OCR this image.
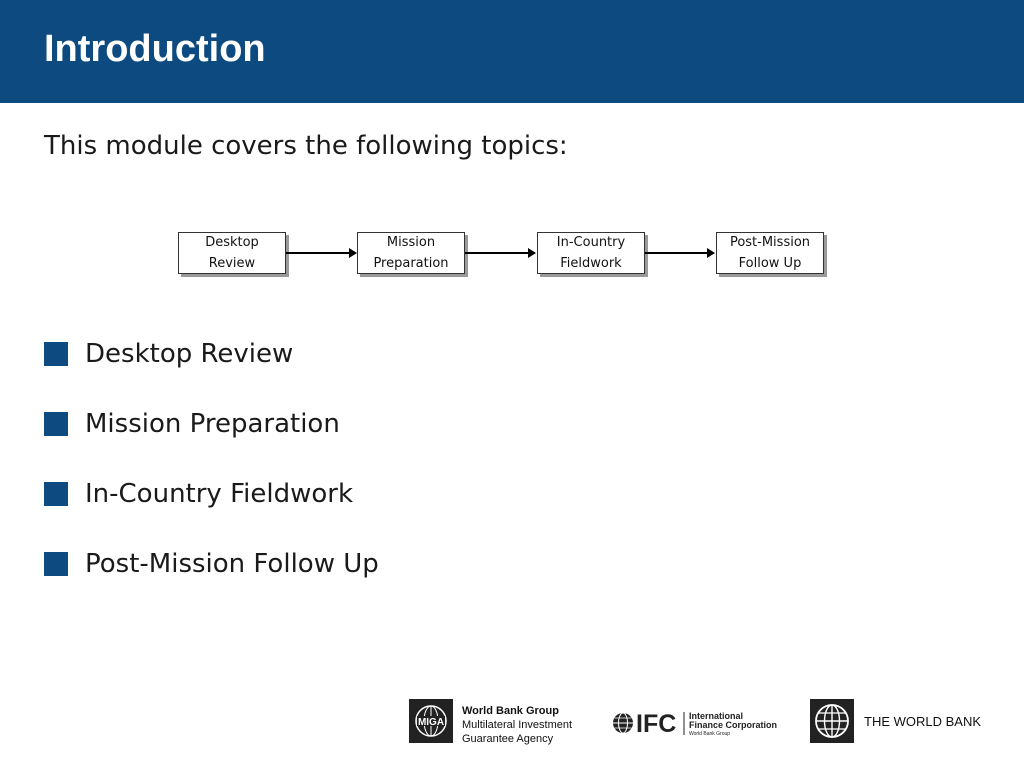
Introduction
This module covers the following topics:
Desktop
Review
Mission
Preparation
In-Country
Fieldwork
Post-Mission
Follow Up
Desktop Review
Mission Preparation
In-Country Fieldwork
Post-Mission Follow Up
MIGA
World Bank Group
Multilateral Investment
Guarantee Agency
IFC International
Finance Corporation
World Bank Group
THE WORLD BANK
